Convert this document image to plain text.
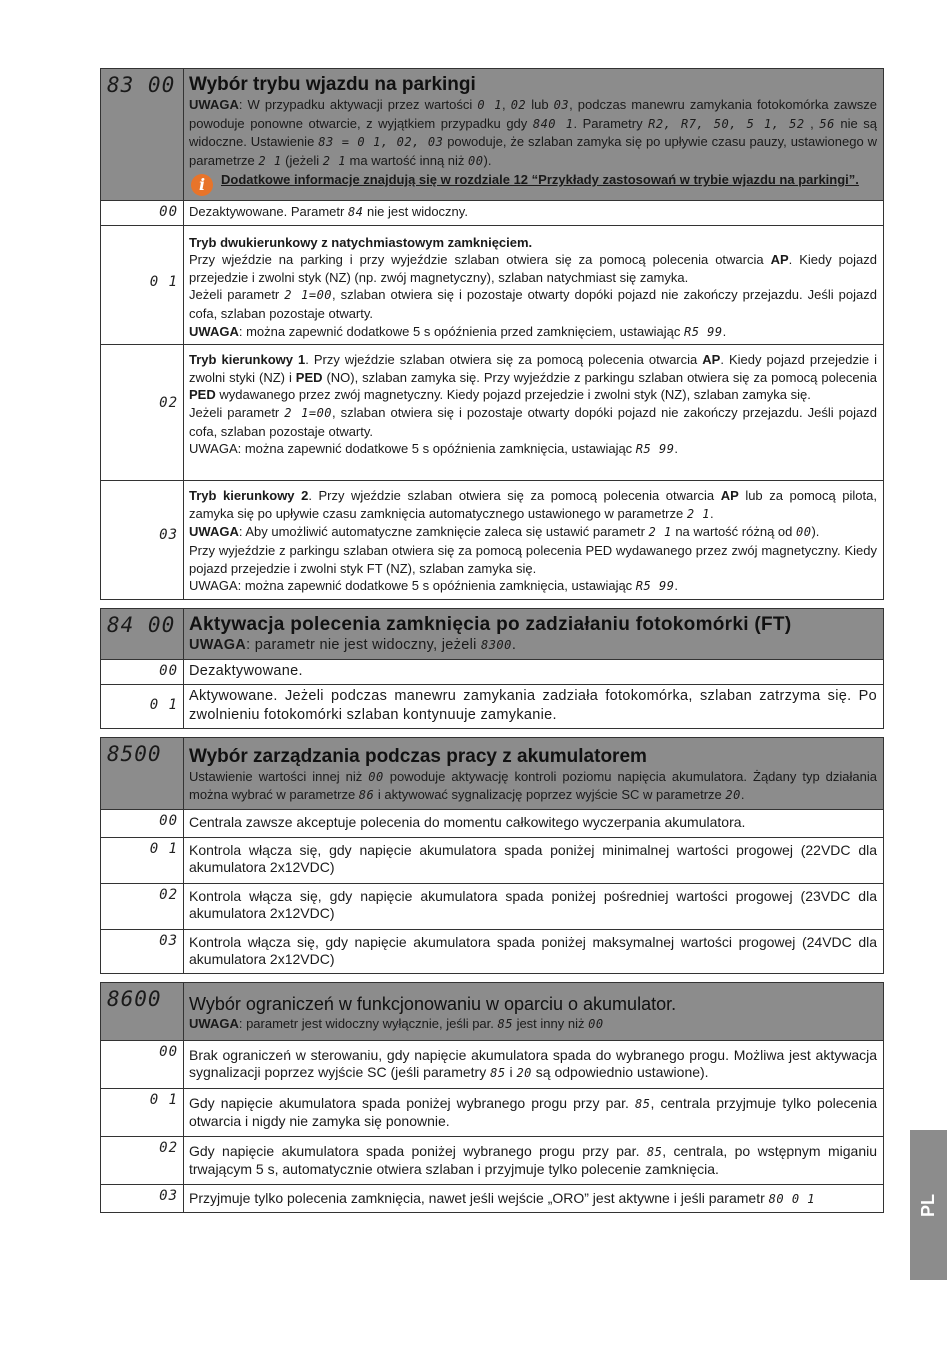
83 00 Wybór trybu wjazdu na parkingi
UWAGA: W przypadku aktywacji przez wartości 0 1, 02 lub 03, podczas manewru zamykania fotokomórka zawsze powoduje ponowne otwarcie, z wyjątkiem przypadku gdy 840 1. Parametry R2, R7, 50, 5 1, 52 , 56 nie są widoczne. Ustawienie 83 = 0 1, 02, 03 powoduje, że szlaban zamyka się po upływie czasu pauzy, ustawionego w parametrze 2 1 (jeżeli 2 1 ma wartość inną niż 00).
i	Dodatkowe informacje znajdują się w rozdziale 12 “Przykłady zastosowań w trybie wjazdu na parkingi”.
00 Dezaktywowane. Parametr 84 nie jest widoczny.
0 1
Tryb dwukierunkowy z natychmiastowym zamknięciem.
Przy wjeździe na parking i przy wyjeździe szlaban otwiera się za pomocą polecenia otwarcia AP. Kiedy pojazd przejedzie i zwolni styk (NZ) (np. zwój magnetyczny), szlaban natychmiast się zamyka.
Jeżeli parametr 2 1=00, szlaban otwiera się i pozostaje otwarty dopóki pojazd nie zakończy przejazdu. Jeśli pojazd cofa, szlaban pozostaje otwarty.
UWAGA: można zapewnić dodatkowe 5 s opóźnienia przed zamknięciem, ustawiając R5 99.
02
Tryb kierunkowy 1. Przy wjeździe szlaban otwiera się za pomocą polecenia otwarcia AP. Kiedy pojazd przejedzie i zwolni styki (NZ) i PED (NO), szlaban zamyka się. Przy wyjeździe z parkingu szlaban otwiera się za pomocą polecenia PED wydawanego przez zwój magnetyczny. Kiedy pojazd przejedzie i zwolni styk (NZ), szlaban zamyka się.
Jeżeli parametr 2 1=00, szlaban otwiera się i pozostaje otwarty dopóki pojazd nie zakończy przejazdu. Jeśli pojazd cofa, szlaban pozostaje otwarty.
UWAGA: można zapewnić dodatkowe 5 s opóźnienia zamknięcia, ustawiając R5 99.
03
Tryb kierunkowy 2. Przy wjeździe szlaban otwiera się za pomocą polecenia otwarcia AP lub za pomocą pilota, zamyka się po upływie czasu zamknięcia automatycznego ustawionego w parametrze 2 1.
UWAGA: Aby umożliwić automatyczne zamknięcie zaleca się ustawić parametr 2 1 na wartość różną od 00).
Przy wyjeździe z parkingu szlaban otwiera się za pomocą polecenia PED wydawanego przez zwój magnetyczny. Kiedy pojazd przejedzie i zwolni styk FT (NZ), szlaban zamyka się.
UWAGA: można zapewnić dodatkowe 5 s opóźnienia zamknięcia, ustawiając R5 99.
84 00 Aktywacja polecenia zamknięcia po zadziałaniu fotokomórki (FT)
UWAGA: parametr nie jest widoczny, jeżeli 8300.
00 Dezaktywowane.
0 1
Aktywowane. Jeżeli podczas manewru zamykania zadziała fotokomórka, szlaban zatrzyma się. Po zwolnieniu fotokomórki szlaban kontynuuje zamykanie.
8500	Wybór zarządzania podczas pracy z akumulatorem
Ustawienie wartości innej niż 00 powoduje aktywację kontroli poziomu napięcia akumulatora. Żądany typ działania można wybrać w parametrze 86 i aktywować sygnalizację poprzez wyjście SC w parametrze 20.
00 Centrala zawsze akceptuje polecenia do momentu całkowitego wyczerpania akumulatora.
0 1 Kontrola włącza się, gdy napięcie akumulatora spada poniżej minimalnej wartości progowej (22VDC dla akumulatora 2x12VDC)
02 Kontrola włącza się, gdy napięcie akumulatora spada poniżej pośredniej wartości progowej (23VDC dla akumulatora 2x12VDC)
03 Kontrola włącza się, gdy napięcie akumulatora spada poniżej maksymalnej wartości progowej (24VDC dla akumulatora 2x12VDC)
8600	Wybór ograniczeń w funkcjonowaniu w oparciu o akumulator.
UWAGA: parametr jest widoczny wyłącznie, jeśli par. 85 jest inny niż 00
00 Brak ograniczeń w sterowaniu, gdy napięcie akumulatora spada do wybranego progu. Możliwa jest aktywacja sygnalizacji poprzez wyjście SC (jeśli parametry 85 i 20 są odpowiednio ustawione).
0 1 Gdy napięcie akumulatora spada poniżej wybranego progu przy par. 85, centrala przyjmuje tylko polecenia otwarcia i nigdy nie zamyka się ponownie.
02 Gdy napięcie akumulatora spada poniżej wybranego progu przy par. 85, centrala, po wstępnym miganiu trwającym 5 s, automatycznie otwiera szlaban i przyjmuje tylko polecenie zamknięcia.
03 Przyjmuje tylko polecenia zamknięcia, nawet jeśli wejście „ORO” jest aktywne i jeśli parametr 80 0 1	PL
